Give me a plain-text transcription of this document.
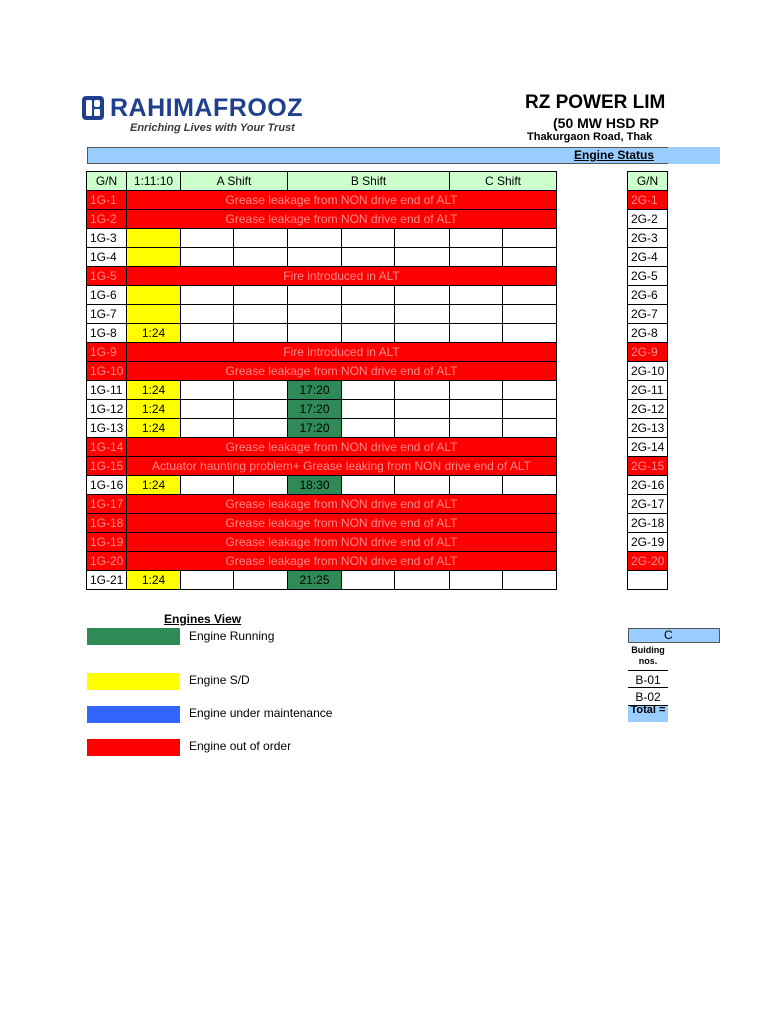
RAHIMAFROOZ
Enriching Lives with Your Trust
RZ POWER LIM
(50 MW HSD RP
Thakurgaon Road, Thak
Engine Status
G/N	1:11:10	A Shift		B Shift			C Shift	
1G-1	Grease leakage from NON drive end of ALT							
1G-2	Grease leakage from NON drive end of ALT							
1G-3								
1G-4								
1G-5	Fire introduced in ALT							
1G-6								
1G-7								
1G-8	1:24							
1G-9	Fire introduced in ALT							
1G-10	Grease leakage from NON drive end of ALT							
1G-11	1:24			17:20				
1G-12	1:24			17:20				
1G-13	1:24			17:20				
1G-14	Grease leakage from NON drive end of ALT							
1G-15	Actuator haunting problem+ Grease leaking from NON drive end of ALT							
1G-16	1:24			18:30				
1G-17	Grease leakage from NON drive end of ALT							
1G-18	Grease leakage from NON drive end of ALT							
1G-19	Grease leakage from NON drive end of ALT							
1G-20	Grease leakage from NON drive end of ALT							
1G-21	1:24			21:25				
G/N	
2G-1	
2G-2	
2G-3	
2G-4	
2G-5	
2G-6	
2G-7	
2G-8	
2G-9	
2G-10	
2G-11	
2G-12	
2G-13	
2G-14	
2G-15	
2G-16	
2G-17	
2G-18	
2G-19	
2G-20	

Engines View
Engine Running
Engine S/D
Engine under maintenance
Engine out of order
C
Buiding nos.
B-01
B-02
Total =
